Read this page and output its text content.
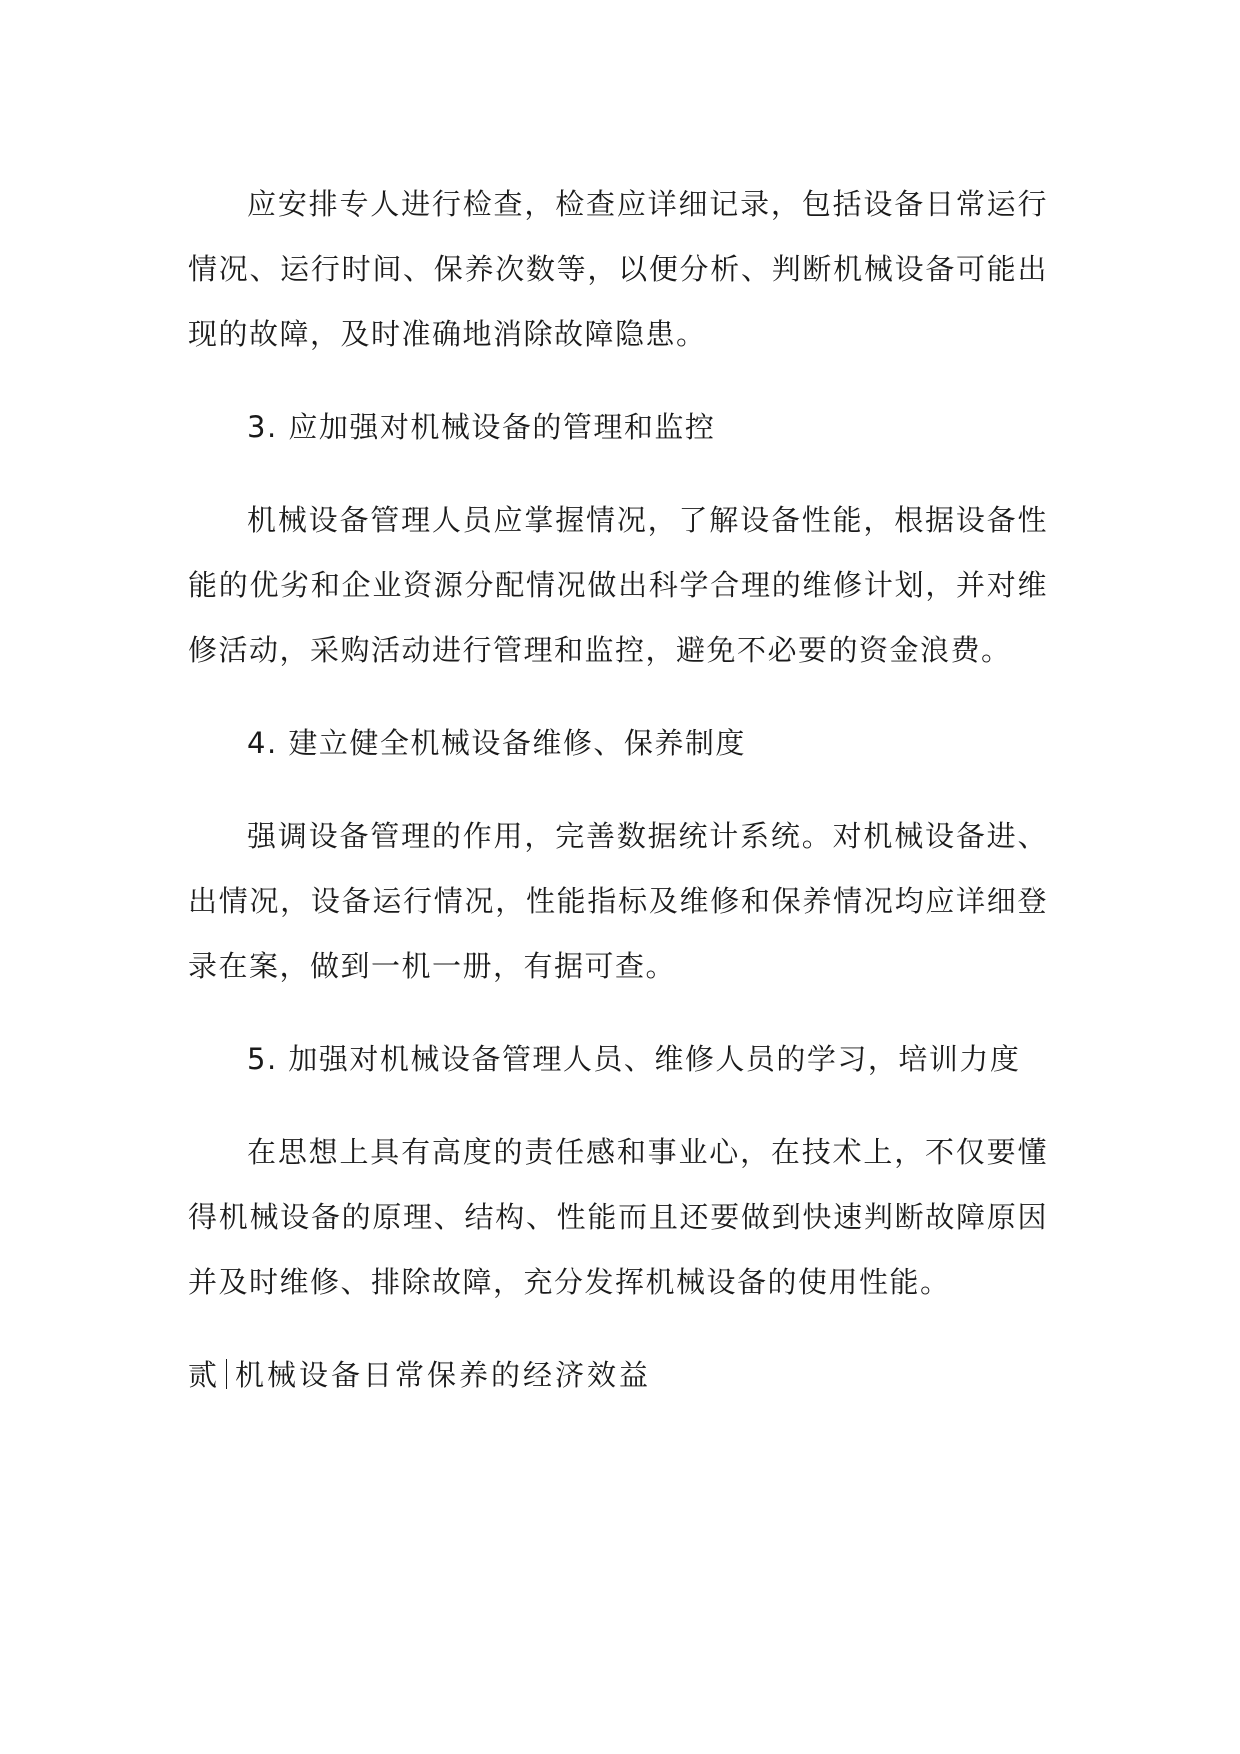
应安排专人进行检查，检查应详细记录，包括设备日常运行情况、运行时间、保养次数等，以便分析、判断机械设备可能出现的故障，及时准确地消除故障隐患。

3. 应加强对机械设备的管理和监控

机械设备管理人员应掌握情况，了解设备性能，根据设备性能的优劣和企业资源分配情况做出科学合理的维修计划，并对维修活动，采购活动进行管理和监控，避免不必要的资金浪费。

4. 建立健全机械设备维修、保养制度

强调设备管理的作用，完善数据统计系统。对机械设备进、出情况，设备运行情况，性能指标及维修和保养情况均应详细登录在案，做到一机一册，有据可查。

5. 加强对机械设备管理人员、维修人员的学习，培训力度

在思想上具有高度的责任感和事业心，在技术上，不仅要懂得机械设备的原理、结构、性能而且还要做到快速判断故障原因并及时维修、排除故障，充分发挥机械设备的使用性能。

贰 机械设备日常保养的经济效益
